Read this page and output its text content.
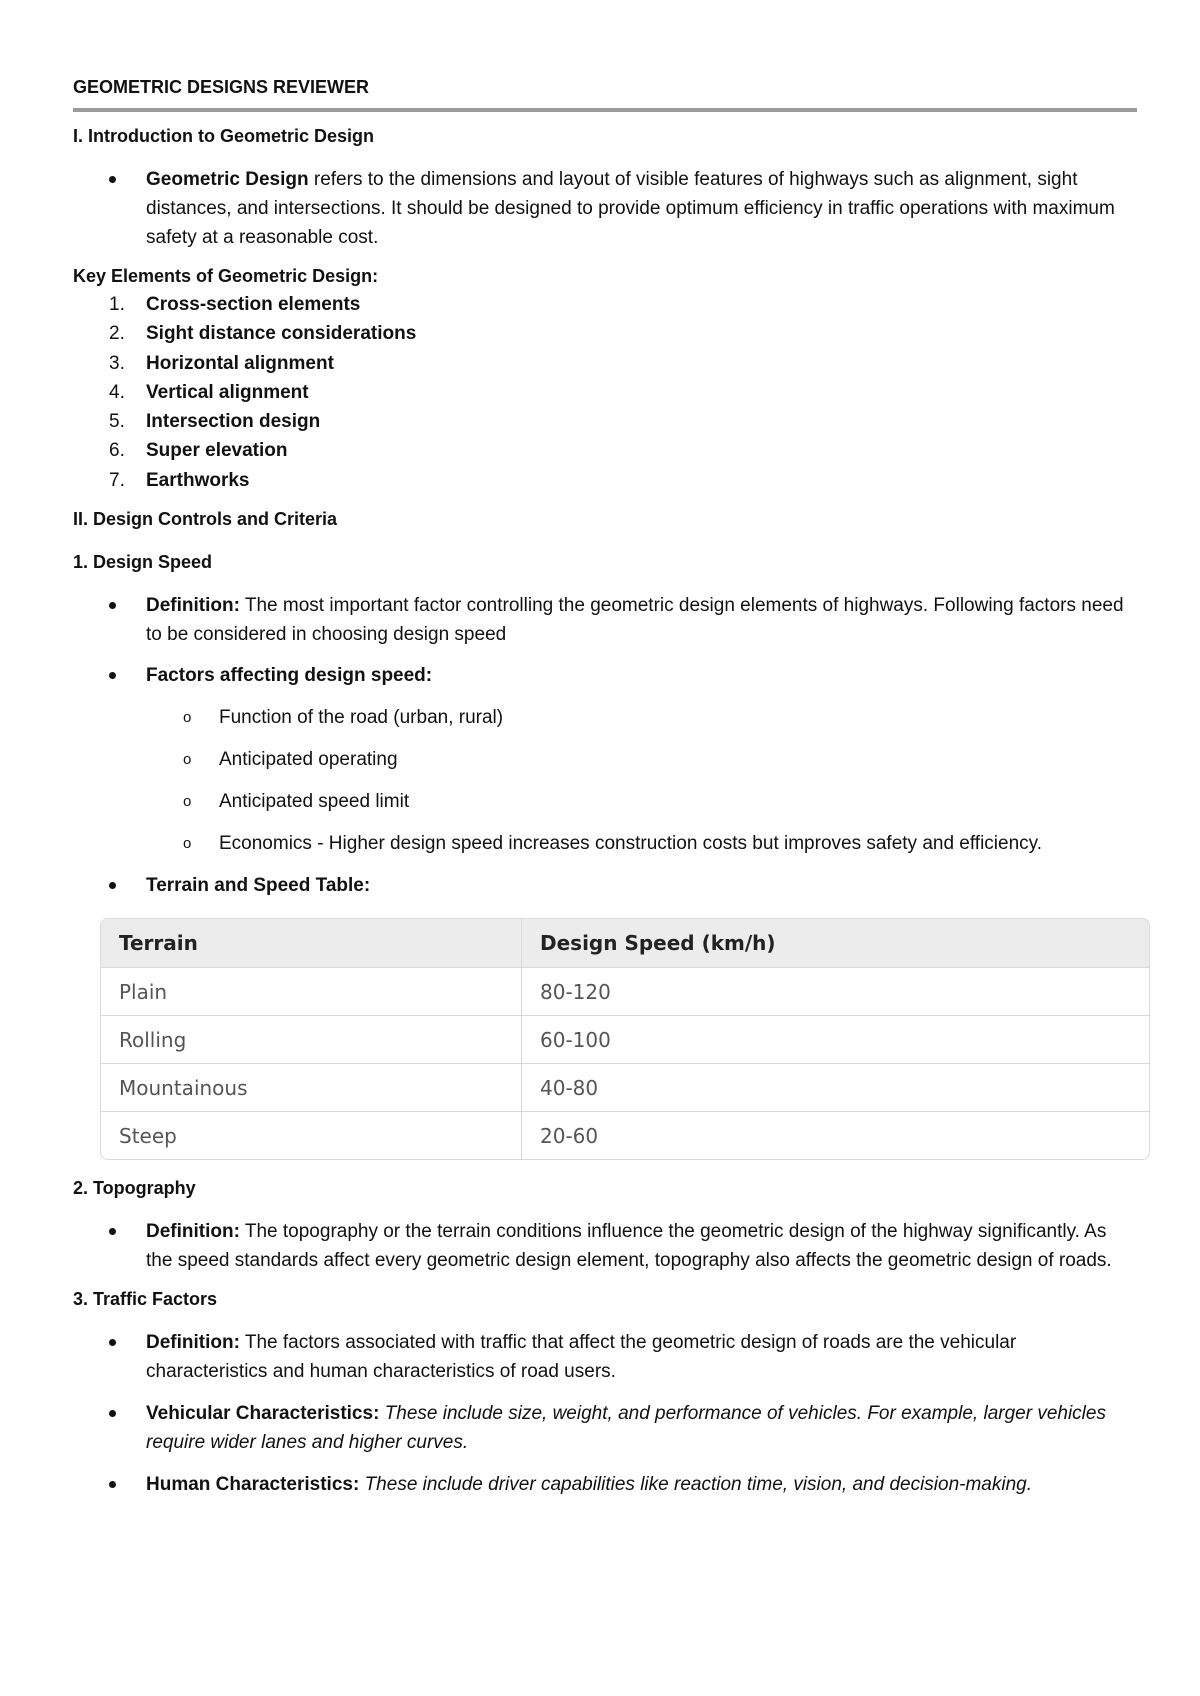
GEOMETRIC DESIGNS REVIEWER
I. Introduction to Geometric Design
Geometric Design refers to the dimensions and layout of visible features of highways such as alignment, sight distances, and intersections. It should be designed to provide optimum efficiency in traffic operations with maximum safety at a reasonable cost.
Key Elements of Geometric Design:
1. Cross-section elements
2. Sight distance considerations
3. Horizontal alignment
4. Vertical alignment
5. Intersection design
6. Super elevation
7. Earthworks
II. Design Controls and Criteria
1. Design Speed
Definition: The most important factor controlling the geometric design elements of highways. Following factors need to be considered in choosing design speed
Factors affecting design speed:
o Function of the road (urban, rural)
o Anticipated operating
o Anticipated speed limit
o Economics - Higher design speed increases construction costs but improves safety and efficiency.
Terrain and Speed Table:
Terrain	Design Speed (km/h)
Plain	80-120
Rolling	60-100
Mountainous	40-80
Steep	20-60
2. Topography
Definition: The topography or the terrain conditions influence the geometric design of the highway significantly. As the speed standards affect every geometric design element, topography also affects the geometric design of roads.
3. Traffic Factors
Definition: The factors associated with traffic that affect the geometric design of roads are the vehicular characteristics and human characteristics of road users.
Vehicular Characteristics: These include size, weight, and performance of vehicles. For example, larger vehicles require wider lanes and higher curves.
Human Characteristics: These include driver capabilities like reaction time, vision, and decision-making.
